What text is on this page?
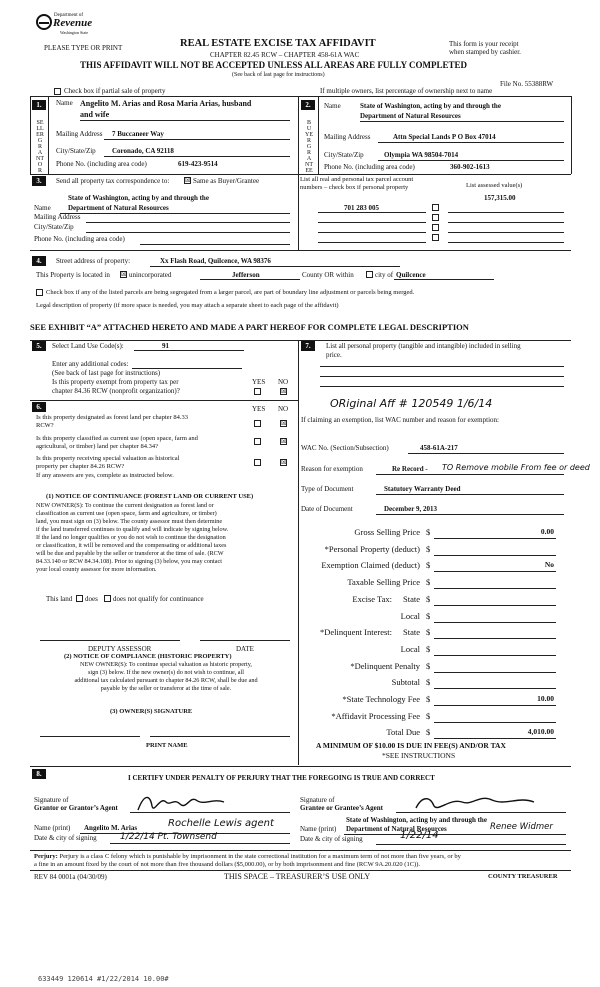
Department of
Revenue
Washington State
PLEASE TYPE OR PRINT	REAL ESTATE EXCISE TAX AFFIDAVIT
CHAPTER 82.45 RCW – CHAPTER 458-61A WAC
This form is your receipt
when stamped by cashier.
THIS AFFIDAVIT WILL NOT BE ACCEPTED UNLESS ALL AREAS ARE FULLY COMPLETED
(See back of last page for instructions)
File No. 55388RW
Check box if partial sale of property	If multiple owners, list percentage of ownership next to name
1.
SELLER GRANTOR
Name Angelito M. Arias and Rosa Maria Arias, husband
and wife
Mailing Address 7 Buccaneer Way
City/State/Zip Coronado, CA 92118
Phone No. (including area code)	619-423-9514
2.
BUYER GRANTEE
Name	State of Washington, acting by and through the
Department of Natural Resources
Mailing Address	Attn Special Lands P O Box 47014
City/State/Zip	Olympia WA 98504-7014
Phone No. (including area code)	360-902-1613
3.	Send all property tax correspondence to:	☒ Same as Buyer/Grantee	List all real and personal tax parcel account
numbers – check box if personal property	List assessed value(s)
State of Washington, acting by and through the
Name Department of Natural Resources
Mailing Address
City/State/Zip
Phone No. (including area code)
701 283 005
157,315.00
4.	Street address of property:	Xx Flash Road, Quilcence, WA 98376
This Property is located in ☒ unincorporated	Jefferson	County OR within	city of Quilcence
Check box if any of the listed parcels are being segregated from a larger parcel, are part of boundary line adjustment or parcels being merged.
Legal description of property (if more space is needed, you may attach a separate sheet to each page of the affidavit)
SEE EXHIBIT “A” ATTACHED HERETO AND MADE A PART HEREOF FOR COMPLETE LEGAL DESCRIPTION
5.	Select Land Use Code(s):	91
Enter any additional codes:
(See back of last page for instructions)
Is this property exempt from property tax per
chapter 84.36 RCW (nonprofit organization)?
YES NO
☒
6.	YES NO
Is this property designated as forest land per chapter 84.33
RCW?	☒
Is this property classified as current use (open space, farm and
agricultural, or timber) land per chapter 84.34?
☒
Is this property receiving special valuation as historical
property per chapter 84.26 RCW?	☒
If any answers are yes, complete as instructed below.
(1) NOTICE OF CONTINUANCE (FOREST LAND OR CURRENT USE)
NEW OWNER(S): To continue the current designation as forest land or
classification as current use (open space, farm and agriculture, or timber)
land, you must sign on (3) below. The county assessor must then determine
if the land transferred continues to qualify and will indicate by signing below.
If the land no longer qualifies or you do not wish to continue the designation
or classification, it will be removed and the compensating or additional taxes
will be due and payable by the seller or transferor at the time of sale. (RCW
84.33.140 or RCW 84.34.108). Prior to signing (3) below, you may contact
your local county assessor for more information.
This land does does not qualify for continuance
DEPUTY ASSESSOR	DATE
(2) NOTICE OF COMPLIANCE (HISTORIC PROPERTY)
NEW OWNER(S): To continue special valuation as historic property,
sign (3) below. If the new owner(s) do not wish to continue, all
additional tax calculated pursuant to chapter 84.26 RCW, shall be due and
payable by the seller or transferor at the time of sale.
(3) OWNER(S) SIGNATURE
PRINT NAME
7.	List all personal property (tangible and intangible) included in selling
price.
ORiginal Aff # 120549 1/6/14
If claiming an exemption, list WAC number and reason for exemption:
WAC No. (Section/Subsection)	458-61A-217
Reason for exemption	Re Record - TO Remove mobile From fee or deed
Type of Document	Statutory Warranty Deed
Date of Document	December 9, 2013
Gross Selling Price $	0.00
*Personal Property (deduct) $
Exemption Claimed (deduct) $	No
Taxable Selling Price $
Excise Tax: State $
Local $
*Delinquent Interest: State $
Local $
*Delinquent Penalty $
Subtotal $
*State Technology Fee $	10.00
*Affidavit Processing Fee $
Total Due $	4,010.00
A MINIMUM OF $10.00 IS DUE IN FEE(S) AND/OR TAX
*SEE INSTRUCTIONS
8.	I CERTIFY UNDER PENALTY OF PERJURY THAT THE FOREGOING IS TRUE AND CORRECT
Signature of
Grantor or Grantor’s Agent
Signature of
Grantee or Grantee’s Agent
Name (print) Angelito M. Arias	Rochelle Lewis agent
Date & city of signing	1/22/14 Pt. Townsend
State of Washington, acting by and through the
Name (print) Department of Natural Resources	Renee Widmer
Date & city of signing	1/22/14
Perjury: Perjury is a class C felony which is punishable by imprisonment in the state correctional institution for a maximum term of not more than five years, or by
a fine in an amount fixed by the court of not more than five thousand dollars ($5,000.00), or by both imprisonment and fine (RCW 9A.20.020 (1C)).
REV 84 0001a (04/30/09)	THIS SPACE – TREASURER’S USE ONLY	COUNTY TREASURER
633449 120614 #1/22/2014 10.00#
